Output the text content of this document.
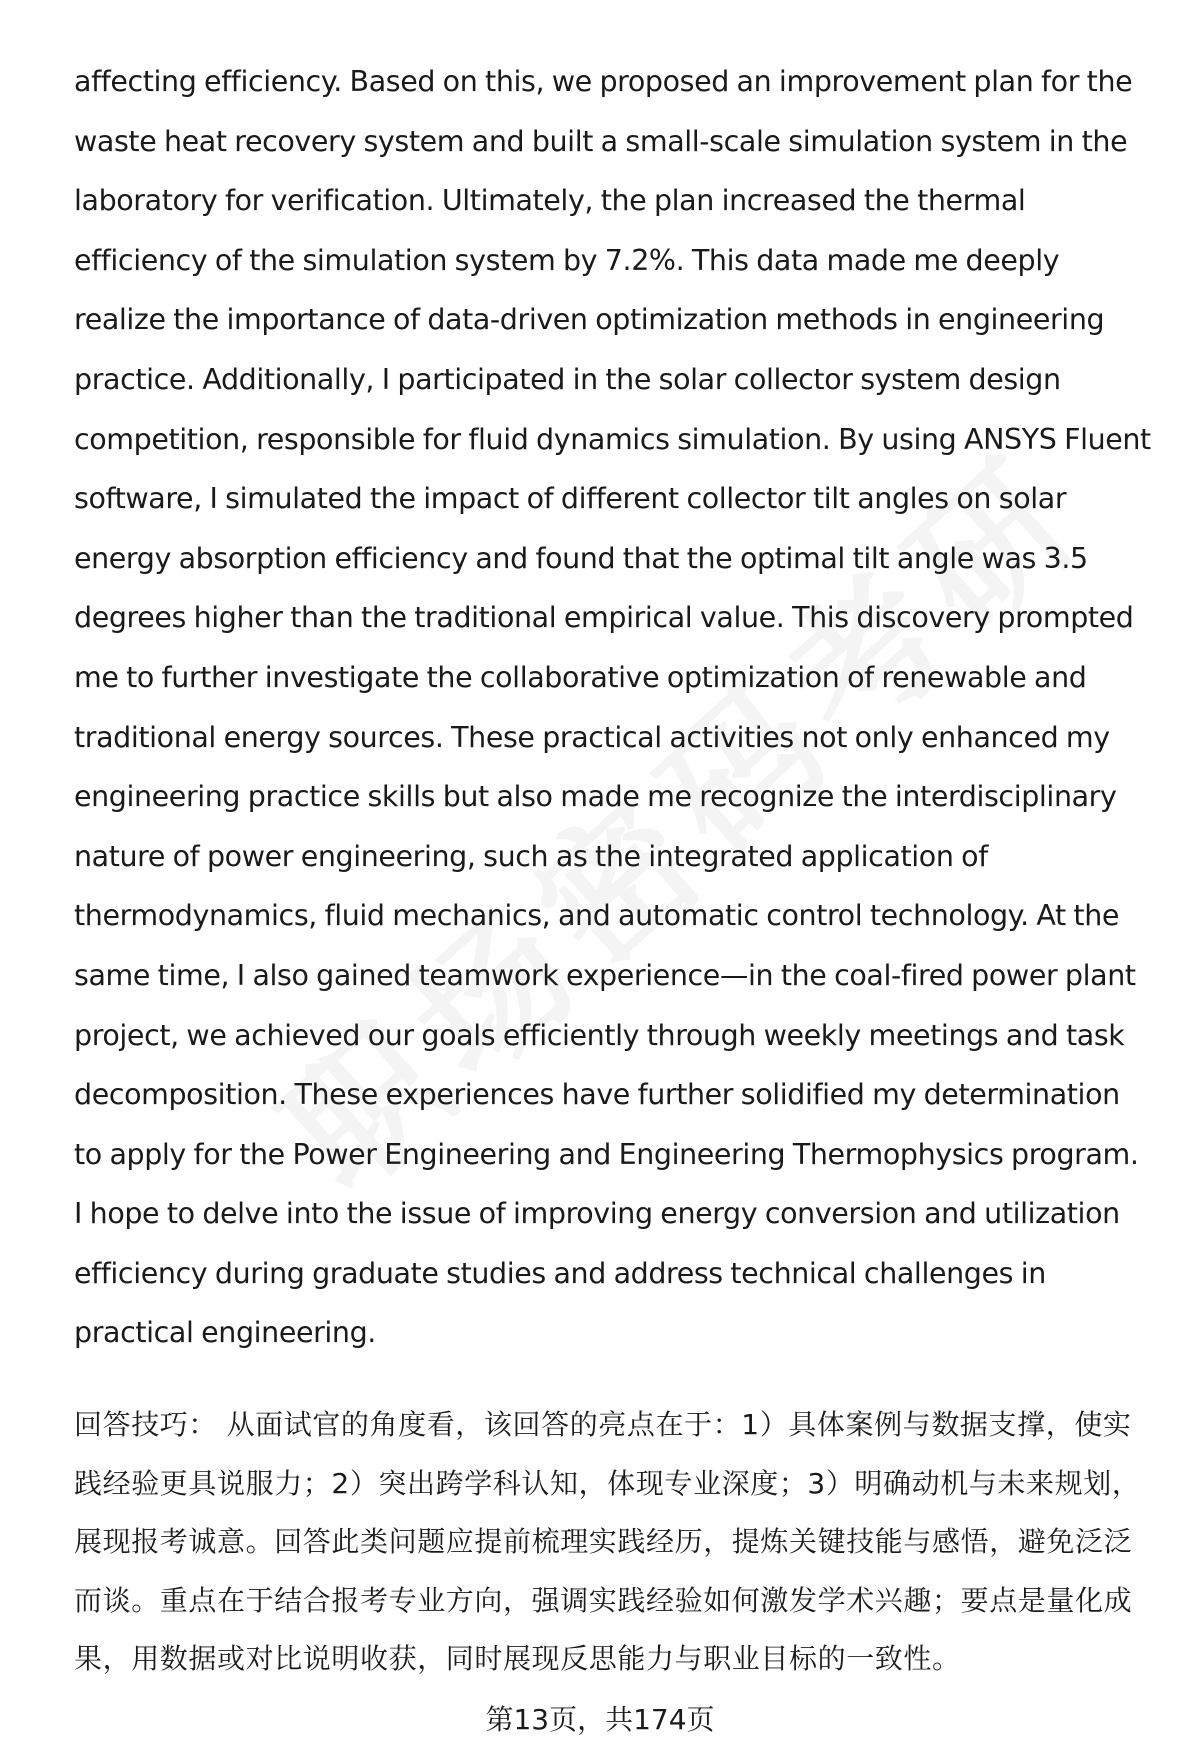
affecting efficiency. Based on this, we proposed an improvement plan for the waste heat recovery system and built a small-scale simulation system in the laboratory for verification. Ultimately, the plan increased the thermal efficiency of the simulation system by 7.2%. This data made me deeply realize the importance of data-driven optimization methods in engineering practice. Additionally, I participated in the solar collector system design competition, responsible for fluid dynamics simulation. By using ANSYS Fluent software, I simulated the impact of different collector tilt angles on solar energy absorption efficiency and found that the optimal tilt angle was 3.5 degrees higher than the traditional empirical value. This discovery prompted me to further investigate the collaborative optimization of renewable and traditional energy sources. These practical activities not only enhanced my engineering practice skills but also made me recognize the interdisciplinary nature of power engineering, such as the integrated application of thermodynamics, fluid mechanics, and automatic control technology. At the same time, I also gained teamwork experience—in the coal-fired power plant project, we achieved our goals efficiently through weekly meetings and task decomposition. These experiences have further solidified my determination to apply for the Power Engineering and Engineering Thermophysics program. I hope to delve into the issue of improving energy conversion and utilization efficiency during graduate studies and address technical challenges in practical engineering.

回答技巧： 从面试官的角度看，该回答的亮点在于：1）具体案例与数据支撑，使实践经验更具说服力；2）突出跨学科认知，体现专业深度；3）明确动机与未来规划，展现报考诚意。回答此类问题应提前梳理实践经历，提炼关键技能与感悟，避免泛泛而谈。重点在于结合报考专业方向，强调实践经验如何激发学术兴趣；要点是量化成果，用数据或对比说明收获，同时展现反思能力与职业目标的一致性。

第13页，共174页
